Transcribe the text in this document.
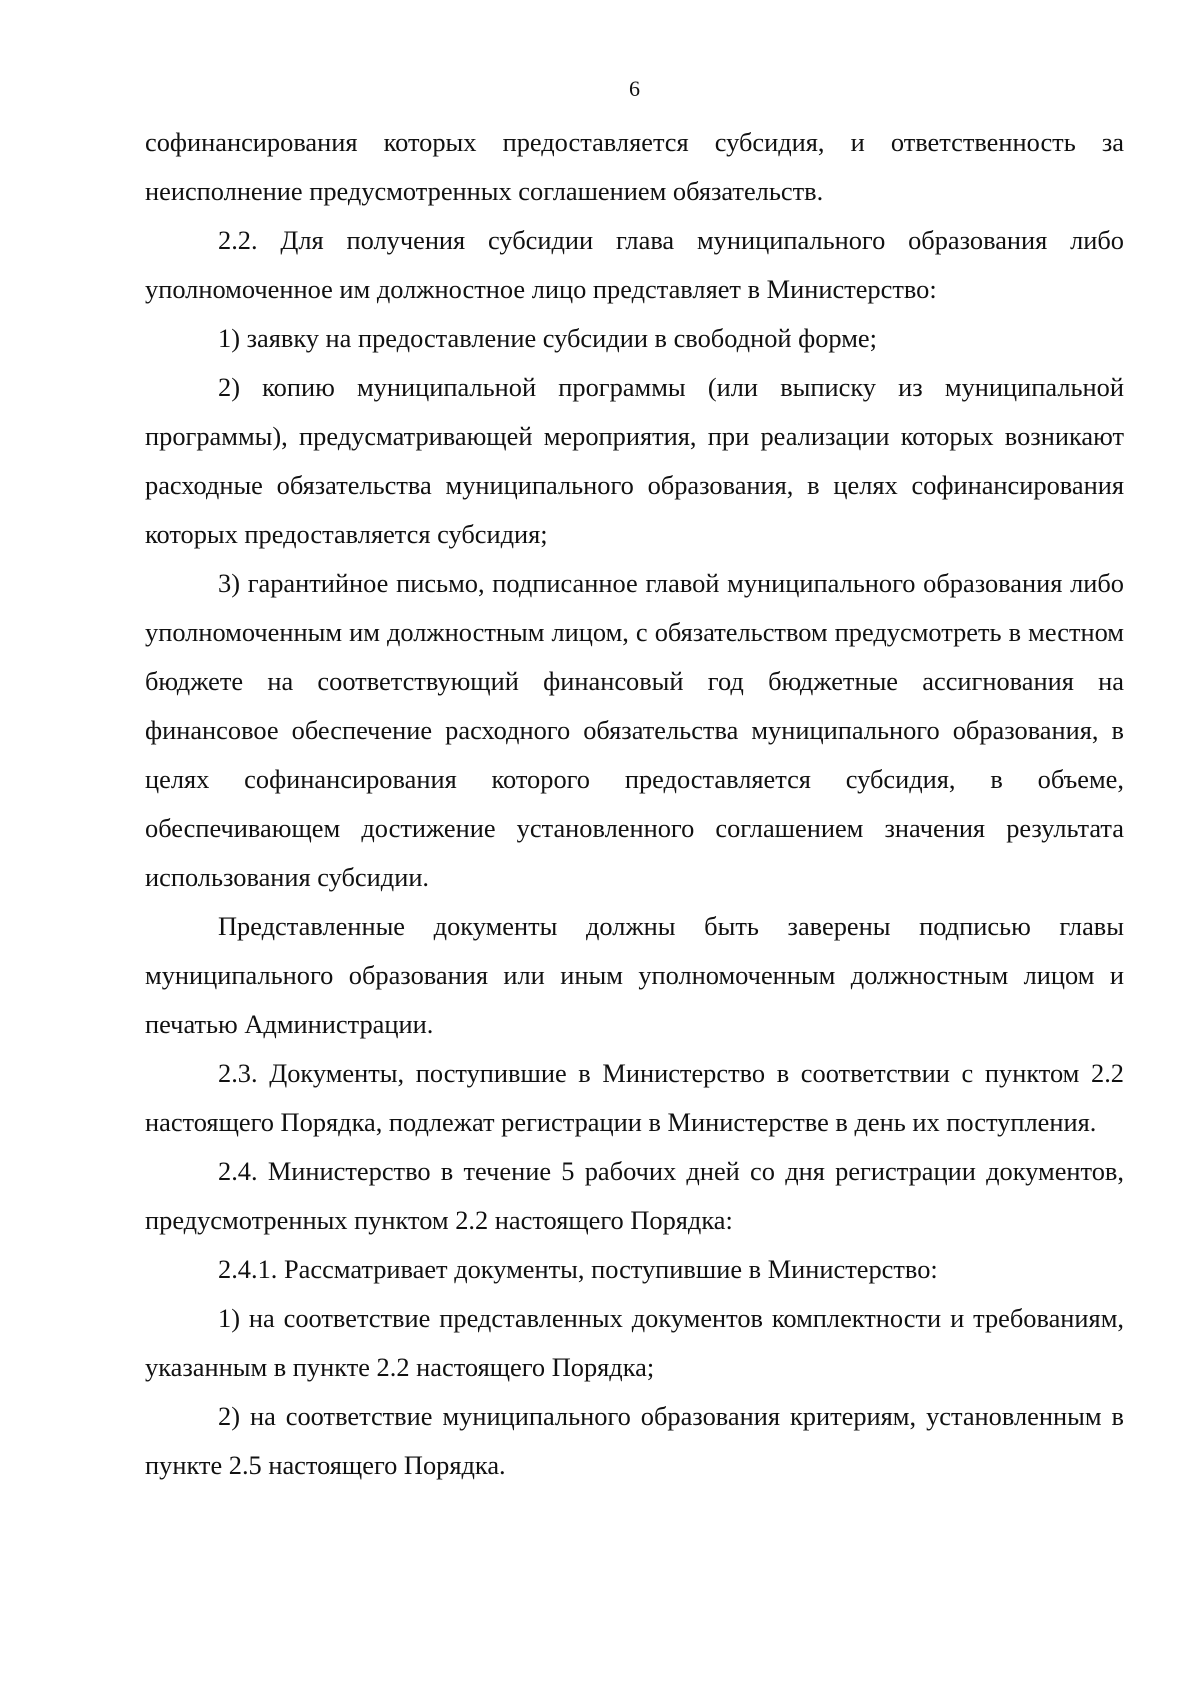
6

софинансирования которых предоставляется субсидия, и ответственность за неисполнение предусмотренных соглашением обязательств.

2.2. Для получения субсидии глава муниципального образования либо уполномоченное им должностное лицо представляет в Министерство:

1) заявку на предоставление субсидии в свободной форме;

2) копию муниципальной программы (или выписку из муниципальной программы), предусматривающей мероприятия, при реализации которых возникают расходные обязательства муниципального образования, в целях софинансирования которых предоставляется субсидия;

3) гарантийное письмо, подписанное главой муниципального образования либо уполномоченным им должностным лицом, с обязательством предусмотреть в местном бюджете на соответствующий финансовый год бюджетные ассигнования на финансовое обеспечение расходного обязательства муниципального образования, в целях софинансирования которого предоставляется субсидия, в объеме, обеспечивающем достижение установленного соглашением значения результата использования субсидии.

Представленные документы должны быть заверены подписью главы муниципального образования или иным уполномоченным должностным лицом и печатью Администрации.

2.3. Документы, поступившие в Министерство в соответствии с пунктом 2.2 настоящего Порядка, подлежат регистрации в Министерстве в день их поступления.

2.4. Министерство в течение 5 рабочих дней со дня регистрации документов, предусмотренных пунктом 2.2 настоящего Порядка:

2.4.1. Рассматривает документы, поступившие в Министерство:

1) на соответствие представленных документов комплектности и требованиям, указанным в пункте 2.2 настоящего Порядка;

2) на соответствие муниципального образования критериям, установленным в пункте 2.5 настоящего Порядка.
